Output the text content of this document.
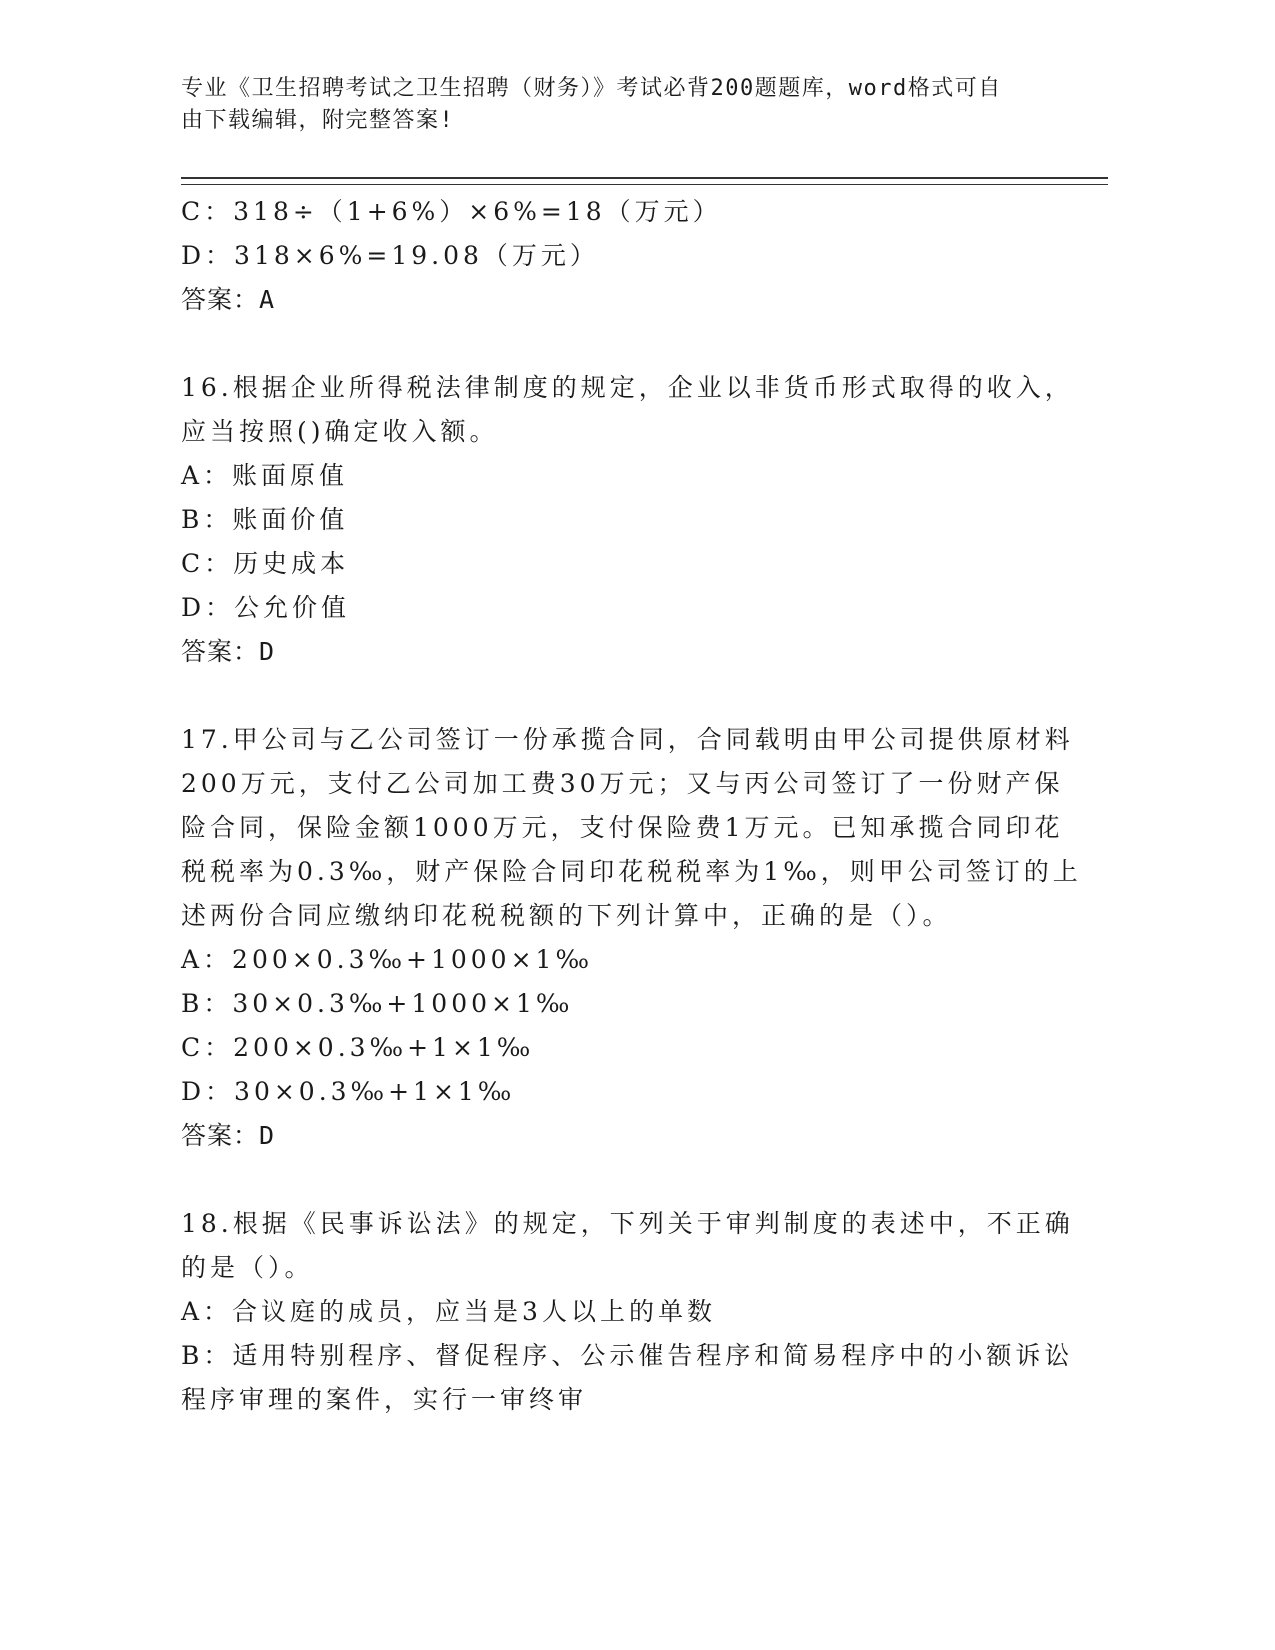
专业《卫生招聘考试之卫生招聘（财务）》考试必背200题题库，word格式可自
由下载编辑，附完整答案!
C：318÷（1+6%）×6%=18（万元）
D：318×6%=19.08（万元）
答案：A
16.根据企业所得税法律制度的规定，企业以非货币形式取得的收入，
应当按照()确定收入额。
A：账面原值
B：账面价值
C：历史成本
D：公允价值
答案：D
17.甲公司与乙公司签订一份承揽合同，合同载明由甲公司提供原材料
200万元，支付乙公司加工费30万元；又与丙公司签订了一份财产保
险合同，保险金额1000万元，支付保险费1万元。已知承揽合同印花
税税率为0.3‰，财产保险合同印花税税率为1‰，则甲公司签订的上
述两份合同应缴纳印花税税额的下列计算中，正确的是（）。
A：200×0.3‰+1000×1‰
B：30×0.3‰+1000×1‰
C：200×0.3‰+1×1‰
D：30×0.3‰+1×1‰
答案：D
18.根据《民事诉讼法》的规定，下列关于审判制度的表述中，不正确
的是（）。
A：合议庭的成员，应当是3人以上的单数
B：适用特别程序、督促程序、公示催告程序和简易程序中的小额诉讼
程序审理的案件，实行一审终审
